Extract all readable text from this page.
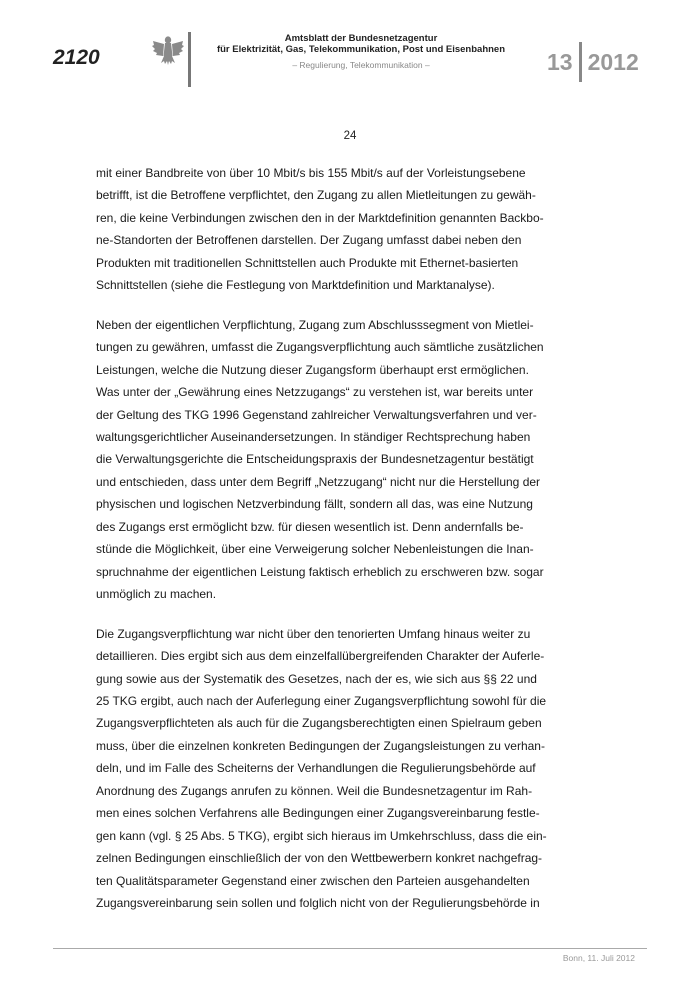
2120
Amtsblatt der Bundesnetzagentur
für Elektrizität, Gas, Telekommunikation, Post und Eisenbahnen
– Regulierung, Telekommunikation –	13 2012
24
mit einer Bandbreite von über 10 Mbit/s bis 155 Mbit/s auf der Vorleistungsebene
betrifft, ist die Betroffene verpflichtet, den Zugang zu allen Mietleitungen zu gewäh-
ren, die keine Verbindungen zwischen den in der Marktdefinition genannten Backbo-
ne-Standorten der Betroffenen darstellen. Der Zugang umfasst dabei neben den
Produkten mit traditionellen Schnittstellen auch Produkte mit Ethernet-basierten
Schnittstellen (siehe die Festlegung von Marktdefinition und Marktanalyse).
Neben der eigentlichen Verpflichtung, Zugang zum Abschlusssegment von Mietlei-
tungen zu gewähren, umfasst die Zugangsverpflichtung auch sämtliche zusätzlichen
Leistungen, welche die Nutzung dieser Zugangsform überhaupt erst ermöglichen.
Was unter der „Gewährung eines Netzzugangs“ zu verstehen ist, war bereits unter
der Geltung des TKG 1996 Gegenstand zahlreicher Verwaltungsverfahren und ver-
waltungsgerichtlicher Auseinandersetzungen. In ständiger Rechtsprechung haben
die Verwaltungsgerichte die Entscheidungspraxis der Bundesnetzagentur bestätigt
und entschieden, dass unter dem Begriff „Netzzugang“ nicht nur die Herstellung der
physischen und logischen Netzverbindung fällt, sondern all das, was eine Nutzung
des Zugangs erst ermöglicht bzw. für diesen wesentlich ist. Denn andernfalls be-
stünde die Möglichkeit, über eine Verweigerung solcher Nebenleistungen die Inan-
spruchnahme der eigentlichen Leistung faktisch erheblich zu erschweren bzw. sogar
unmöglich zu machen.
Die Zugangsverpflichtung war nicht über den tenorierten Umfang hinaus weiter zu
detaillieren. Dies ergibt sich aus dem einzelfallübergreifenden Charakter der Auferle-
gung sowie aus der Systematik des Gesetzes, nach der es, wie sich aus §§ 22 und
25 TKG ergibt, auch nach der Auferlegung einer Zugangsverpflichtung sowohl für die
Zugangsverpflichteten als auch für die Zugangsberechtigten einen Spielraum geben
muss, über die einzelnen konkreten Bedingungen der Zugangsleistungen zu verhan-
deln, und im Falle des Scheiterns der Verhandlungen die Regulierungsbehörde auf
Anordnung des Zugangs anrufen zu können. Weil die Bundesnetzagentur im Rah-
men eines solchen Verfahrens alle Bedingungen einer Zugangsvereinbarung festle-
gen kann (vgl. § 25 Abs. 5 TKG), ergibt sich hieraus im Umkehrschluss, dass die ein-
zelnen Bedingungen einschließlich der von den Wettbewerbern konkret nachgefrag-
ten Qualitätsparameter Gegenstand einer zwischen den Parteien ausgehandelten
Zugangsvereinbarung sein sollen und folglich nicht von der Regulierungsbehörde in
Bonn, 11. Juli 2012
